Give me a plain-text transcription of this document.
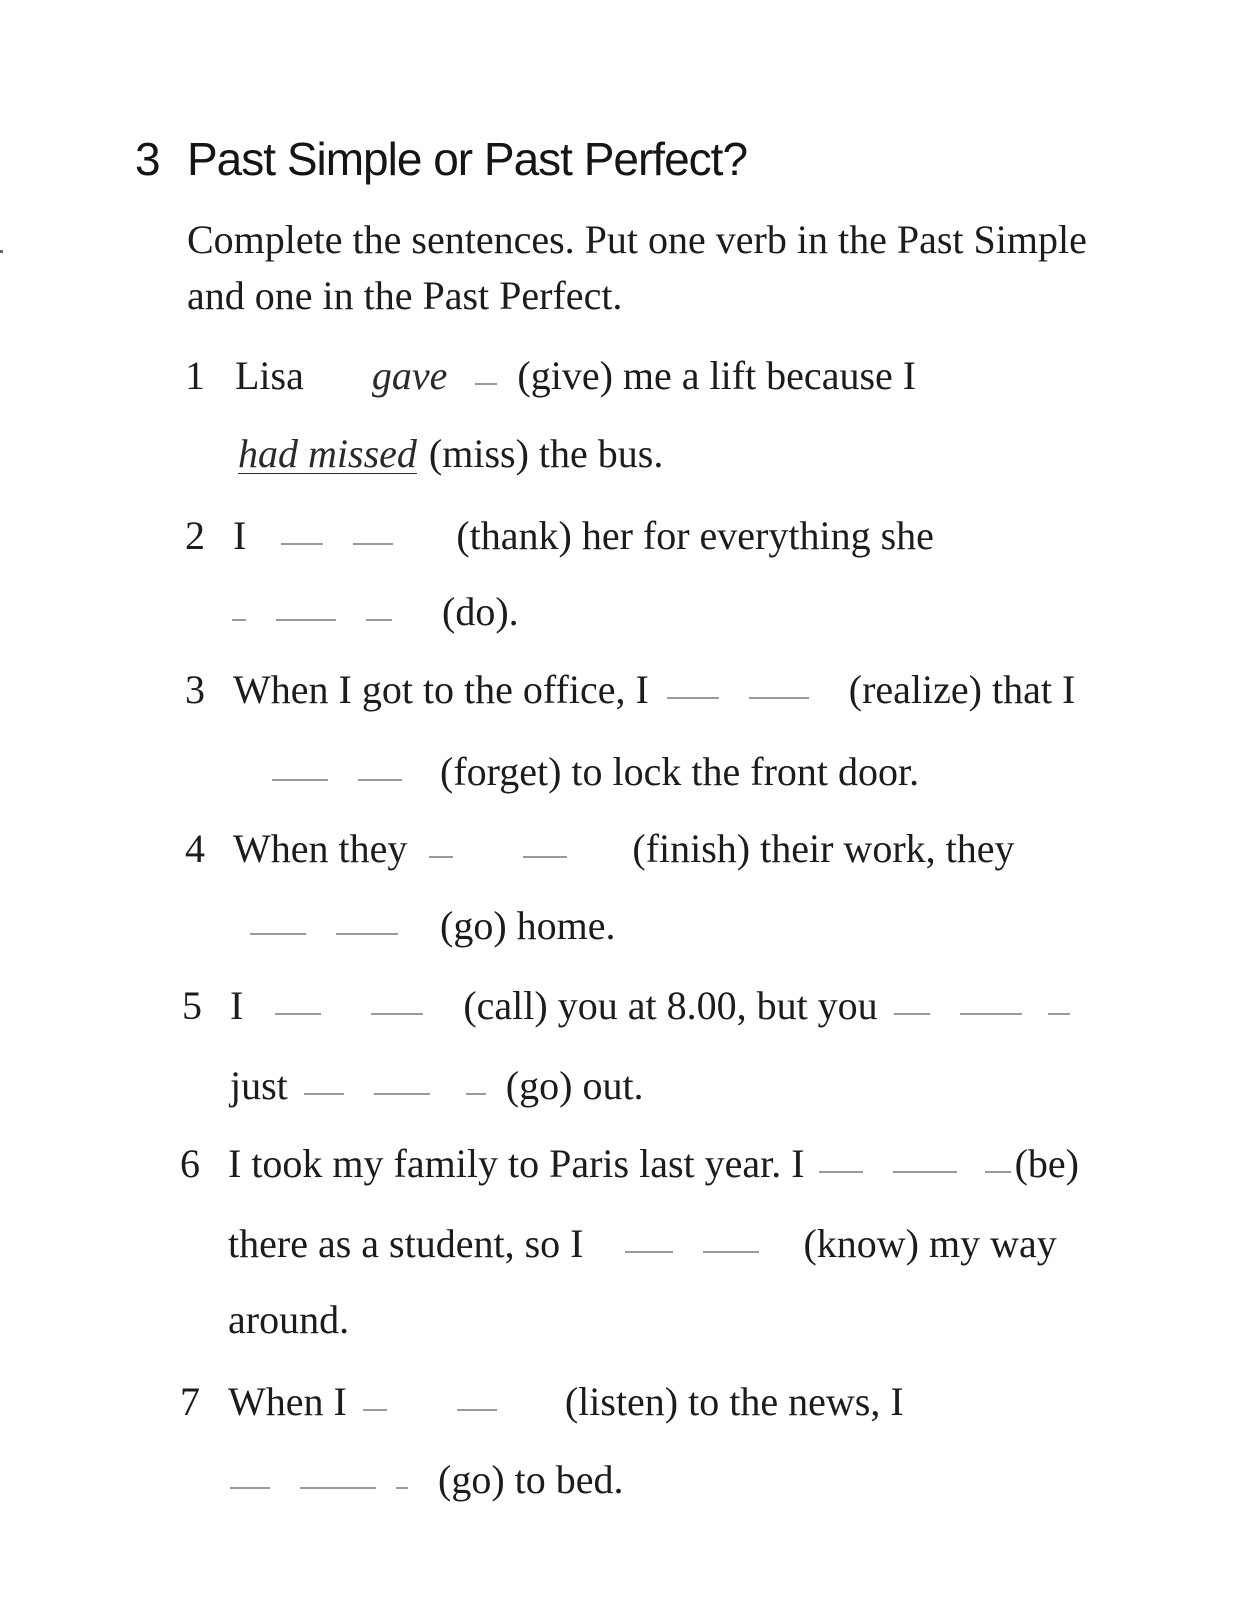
3 Past Simple or Past Perfect?
Complete the sentences. Put one verb in the Past Simple and one in the Past Perfect.
1 Lisa gave (give) me a lift because I
had missed (miss) the bus.
2 I	(thank) her for everything she
(do).
3 When I got to the office, I	(realize) that I
(forget) to lock the front door.
4 When they	(finish) their work, they
(go) home.
5 I	(call) you at 8.00, but you
just	(go) out.
6 I took my family to Paris last year. I	(be)
there as a student, so I	(know) my way
around.
7 When I	(listen) to the news, I
(go) to bed.
